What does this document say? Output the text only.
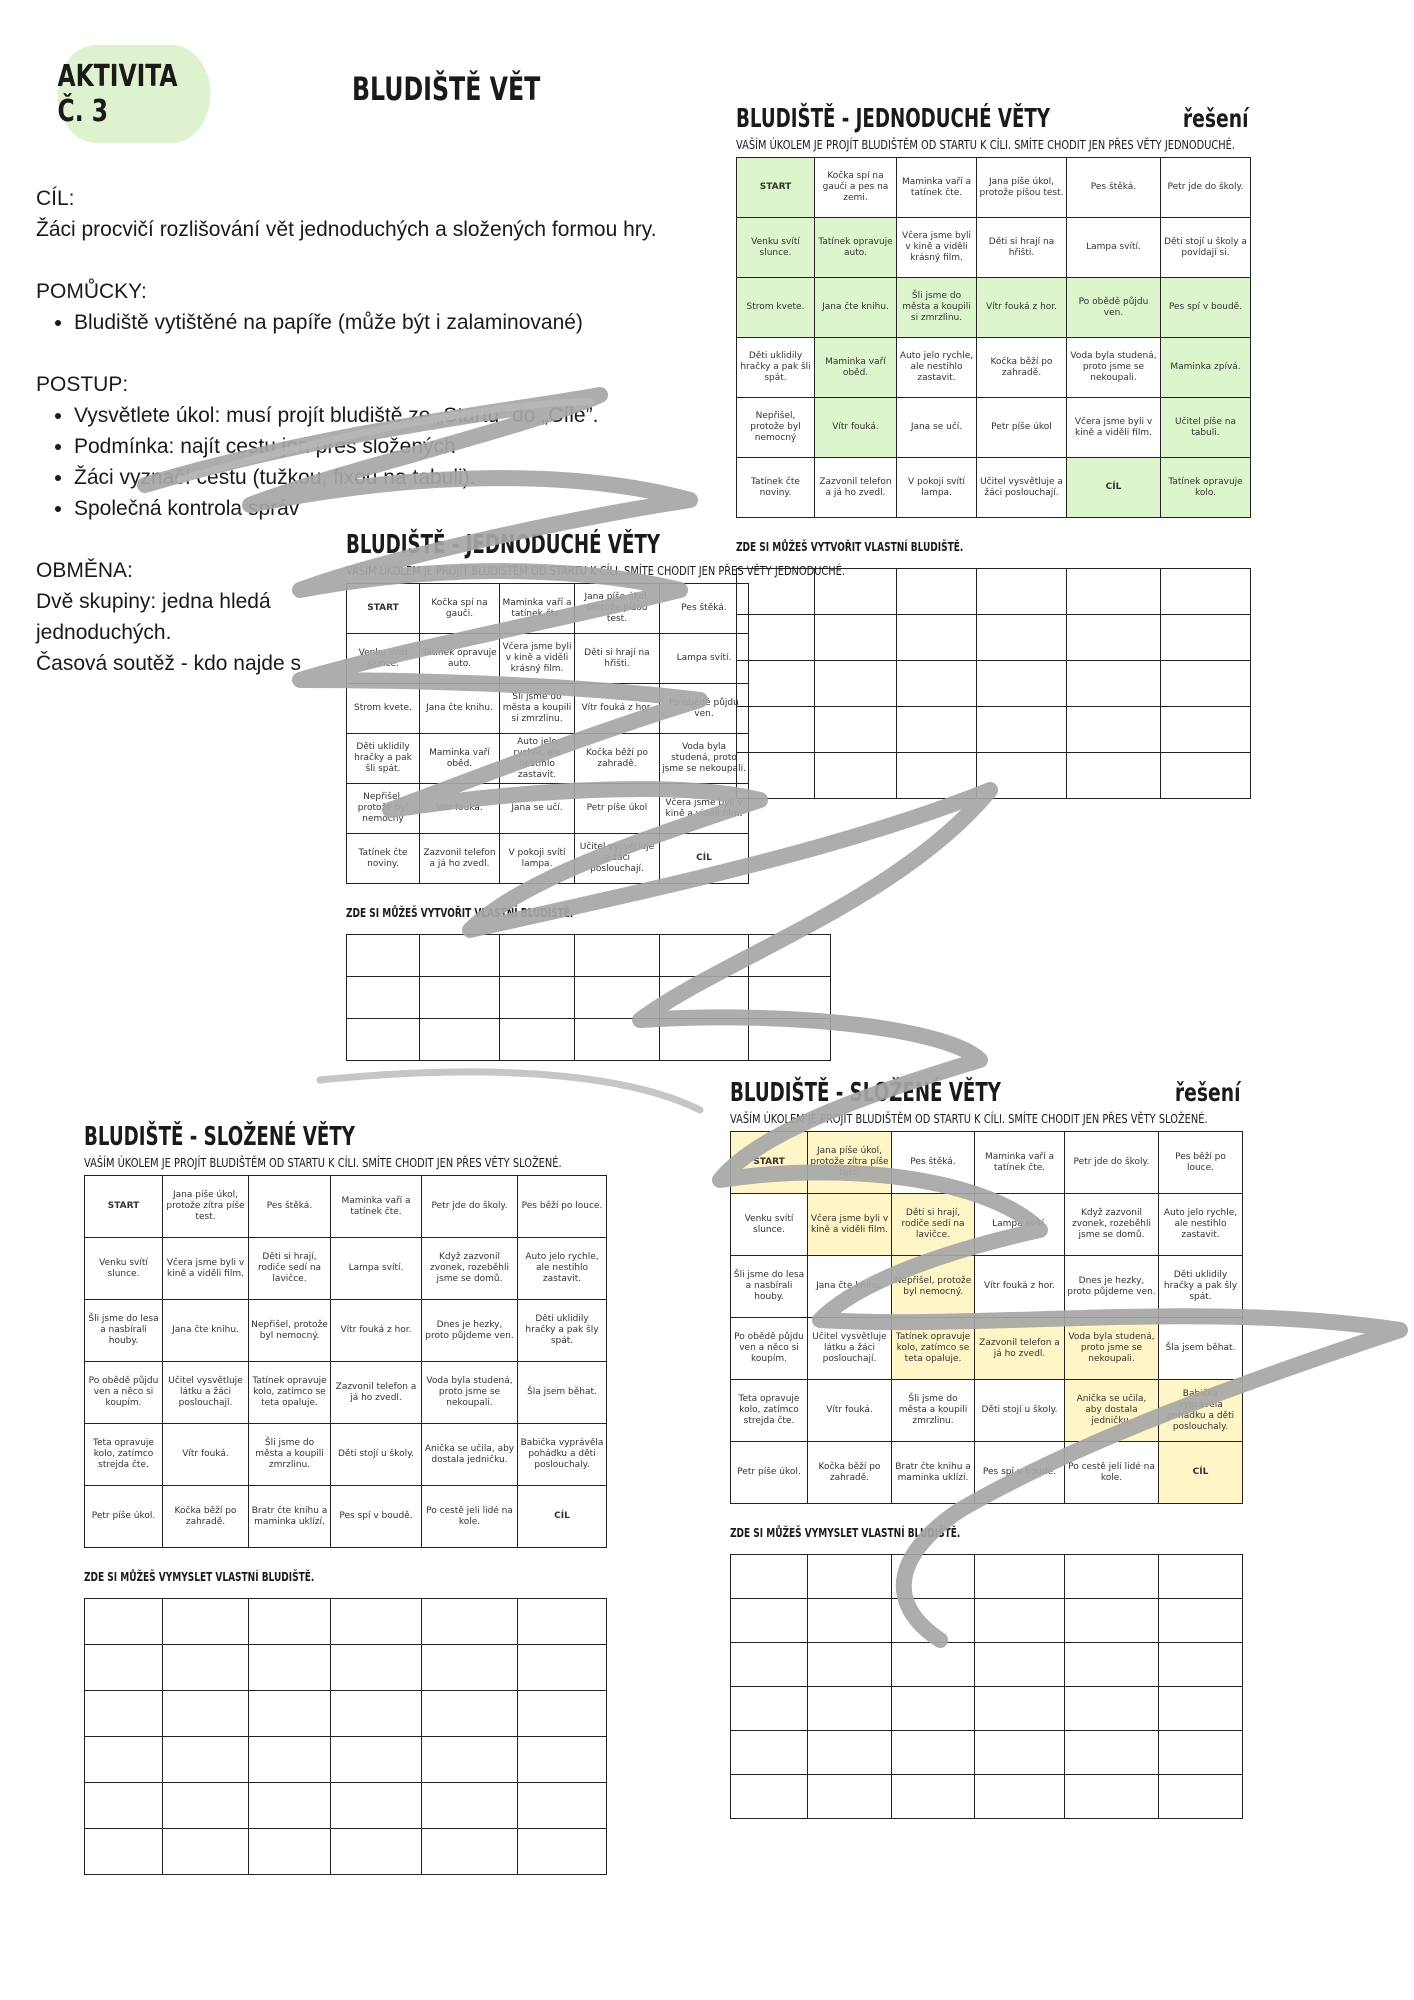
AKTIVITA Č. 3
BLUDIŠTĚ VĚT

CÍL:

Žáci procvičí rozlišování vět jednoduchých a složených formou hry.

POMŮCKY:

• Bludiště vytištěné na papíře (může být i zalaminované)

POSTUP:

• Vysvětlete úkol: musí projít bludiště ze „Startu” do „Cíle”.
• Podmínka: najít cestu jen přes složených
• Žáci vyznačí cestu (tužkou, fixou na tabuli).
• Společná kontrola správ

OBMĚNA:

Dvě skupiny: jedna hledá

jednoduchých.

Časová soutěž - kdo najde s

BLUDIŠTĚ - JEDNODUCHÉ VĚTY
VAŠÍM ÚKOLEM JE PROJÍT BLUDIŠTĚM OD STARTU K CÍLI. SMÍTE CHODIT JEN PŘES VĚTY JEDNODUCHÉ.
START	Kočka spí na gauči.	Maminka vaří a tatínek čte.	Jana píše úkol, protože píšou test.	Pes štěká.
Venku svítí slunce.	Tatínek opravuje auto.	Včera jsme byli v kině a viděli krásný film.	Děti si hrají na hřišti.	Lampa svítí.
Strom kvete.	Jana čte knihu.	Šli jsme do města a koupili si zmrzlinu.	Vítr fouká z hor.	Po obědě půjdu ven.
Děti uklidily hračky a pak šli spát.	Maminka vaří oběd.	Auto jelo rychle, ale nestihlo zastavit.	Kočka běží po zahradě.	Voda byla studená, proto jsme se nekoupali.
Nepřišel, protože byl nemocný	Vítr fouká.	Jana se učí.	Petr píše úkol	Včera jsme byli v kině a viděli film.
Tatínek čte noviny.	Zazvonil telefon a já ho zvedl.	V pokoji svítí lampa.	Učitel vysvětluje a žáci poslouchají.	CÍL
ZDE SI MŮŽEŠ VYTVOŘIT VLASTNÍ BLUDIŠTĚ.

BLUDIŠTĚ - JEDNODUCHÉ VĚTY	řešení
VAŠÍM ÚKOLEM JE PROJÍT BLUDIŠTĚM OD STARTU K CÍLI. SMÍTE CHODIT JEN PŘES VĚTY JEDNODUCHÉ.
START	Kočka spí na gauči a pes na zemi.	Maminka vaří a tatínek čte.	Jana píše úkol, protože píšou test.	Pes štěká.	Petr jde do školy.
Venku svítí slunce.	Tatínek opravuje auto.	Včera jsme byli v kině a viděli krásný film.	Děti si hrají na hřišti.	Lampa svítí.	Děti stojí u školy a povídají si.
Strom kvete.	Jana čte knihu.	Šli jsme do města a koupili si zmrzlinu.	Vítr fouká z hor.	Po obědě půjdu ven.	Pes spí v boudě.
Děti uklidily hračky a pak šli spát.	Maminka vaří oběd.	Auto jelo rychle, ale nestihlo zastavit.	Kočka běží po zahradě.	Voda byla studená, proto jsme se nekoupali.	Maminka zpívá.
Nepřišel, protože byl nemocný	Vítr fouká.	Jana se učí.	Petr píše úkol	Včera jsme byli v kině a viděli film.	Učitel píše na tabuli.
Tatínek čte noviny.	Zazvonil telefon a já ho zvedl.	V pokoji svítí lampa.	Učitel vysvětluje a žáci poslouchají.	CÍL	Tatínek opravuje kolo.
ZDE SI MŮŽEŠ VYTVOŘIT VLASTNÍ BLUDIŠTĚ.

BLUDIŠTĚ - SLOŽENÉ VĚTY
VAŠÍM ÚKOLEM JE PROJÍT BLUDIŠTĚM OD STARTU K CÍLI. SMÍTE CHODIT JEN PŘES VĚTY SLOŽENÉ.
START	Jana píše úkol, protože zítra píše test.	Pes štěká.	Maminka vaří a tatínek čte.	Petr jde do školy.	Pes běží po louce.
Venku svítí slunce.	Včera jsme byli v kině a viděli film.	Děti si hrají, rodiče sedí na lavičce.	Lampa svítí.	Když zazvonil zvonek, rozeběhli jsme se domů.	Auto jelo rychle, ale nestihlo zastavit.
Šli jsme do lesa a nasbírali houby.	Jana čte knihu.	Nepřišel, protože byl nemocný.	Vítr fouká z hor.	Dnes je hezky, proto půjdeme ven.	Děti uklidily hračky a pak šly spát.
Po obědě půjdu ven a něco si koupím.	Učitel vysvětluje látku a žáci poslouchají.	Tatínek opravuje kolo, zatímco se teta opaluje.	Zazvonil telefon a já ho zvedl.	Voda byla studená, proto jsme se nekoupali.	Šla jsem běhat.
Teta opravuje kolo, zatímco strejda čte.	Vítr fouká.	Šli jsme do města a koupili zmrzlinu.	Děti stojí u školy.	Anička se učila, aby dostala jedničku.	Babička vyprávěla pohádku a děti poslouchaly.
Petr píše úkol.	Kočka běží po zahradě.	Bratr čte knihu a maminka uklízí.	Pes spí v boudě.	Po cestě jeli lidé na kole.	CÍL
ZDE SI MŮŽEŠ VYMYSLET VLASTNÍ BLUDIŠTĚ.

BLUDIŠTĚ - SLOŽENÉ VĚTY	řešení
VAŠÍM ÚKOLEM JE PROJÍT BLUDIŠTĚM OD STARTU K CÍLI. SMÍTE CHODIT JEN PŘES VĚTY SLOŽENÉ.
START	Jana píše úkol, protože zítra píše test.	Pes štěká.	Maminka vaří a tatínek čte.	Petr jde do školy.	Pes běží po louce.
Venku svítí slunce.	Včera jsme byli v kině a viděli film.	Děti si hrají, rodiče sedí na lavičce.	Lampa svítí.	Když zazvonil zvonek, rozeběhli jsme se domů.	Auto jelo rychle, ale nestihlo zastavit.
Šli jsme do lesa a nasbírali houby.	Jana čte knihu.	Nepřišel, protože byl nemocný.	Vítr fouká z hor.	Dnes je hezky, proto půjdeme ven.	Děti uklidily hračky a pak šly spát.
Po obědě půjdu ven a něco si koupím.	Učitel vysvětluje látku a žáci poslouchají.	Tatínek opravuje kolo, zatímco se teta opaluje.	Zazvonil telefon a já ho zvedl.	Voda byla studená, proto jsme se nekoupali.	Šla jsem běhat.
Teta opravuje kolo, zatímco strejda čte.	Vítr fouká.	Šli jsme do města a koupili zmrzlinu.	Děti stojí u školy.	Anička se učila, aby dostala jedničku.	Babička vyprávěla pohádku a děti poslouchaly.
Petr píše úkol.	Kočka běží po zahradě.	Bratr čte knihu a maminka uklízí.	Pes spí v boudě.	Po cestě jeli lidé na kole.	CÍL
ZDE SI MŮŽEŠ VYMYSLET VLASTNÍ BLUDIŠTĚ.
